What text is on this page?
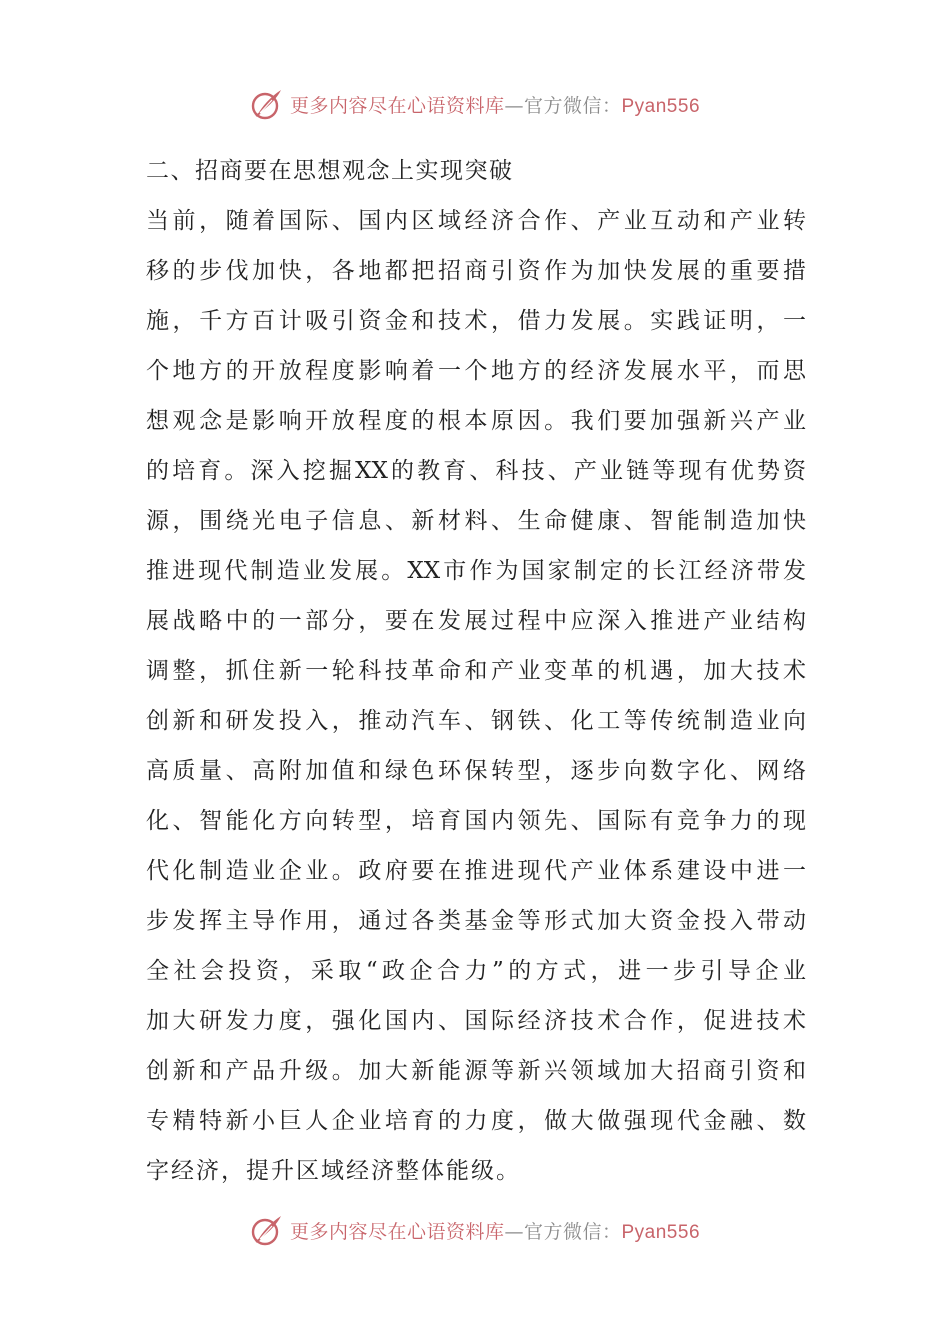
更多内容尽在心语资料库—官方微信：Pyan556

二、招商要在思想观念上实现突破

当前，随着国际、国内区域经济合作、产业互动和产业转

移的步伐加快，各地都把招商引资作为加快发展的重要措

施，千方百计吸引资金和技术，借力发展。实践证明，一

个地方的开放程度影响着一个地方的经济发展水平，而思

想观念是影响开放程度的根本原因。我们要加强新兴产业

的培育。深入挖掘XX的教育、科技、产业链等现有优势资

源，围绕光电子信息、新材料、生命健康、智能制造加快

推进现代制造业发展。XX市作为国家制定的长江经济带发

展战略中的一部分，要在发展过程中应深入推进产业结构

调整，抓住新一轮科技革命和产业变革的机遇，加大技术

创新和研发投入，推动汽车、钢铁、化工等传统制造业向

高质量、高附加值和绿色环保转型，逐步向数字化、网络

化、智能化方向转型，培育国内领先、国际有竞争力的现

代化制造业企业。政府要在推进现代产业体系建设中进一

步发挥主导作用，通过各类基金等形式加大资金投入带动

全社会投资，采取“政企合力”的方式，进一步引导企业

加大研发力度，强化国内、国际经济技术合作，促进技术

创新和产品升级。加大新能源等新兴领域加大招商引资和

专精特新小巨人企业培育的力度，做大做强现代金融、数

字经济，提升区域经济整体能级。

更多内容尽在心语资料库—官方微信：Pyan556
